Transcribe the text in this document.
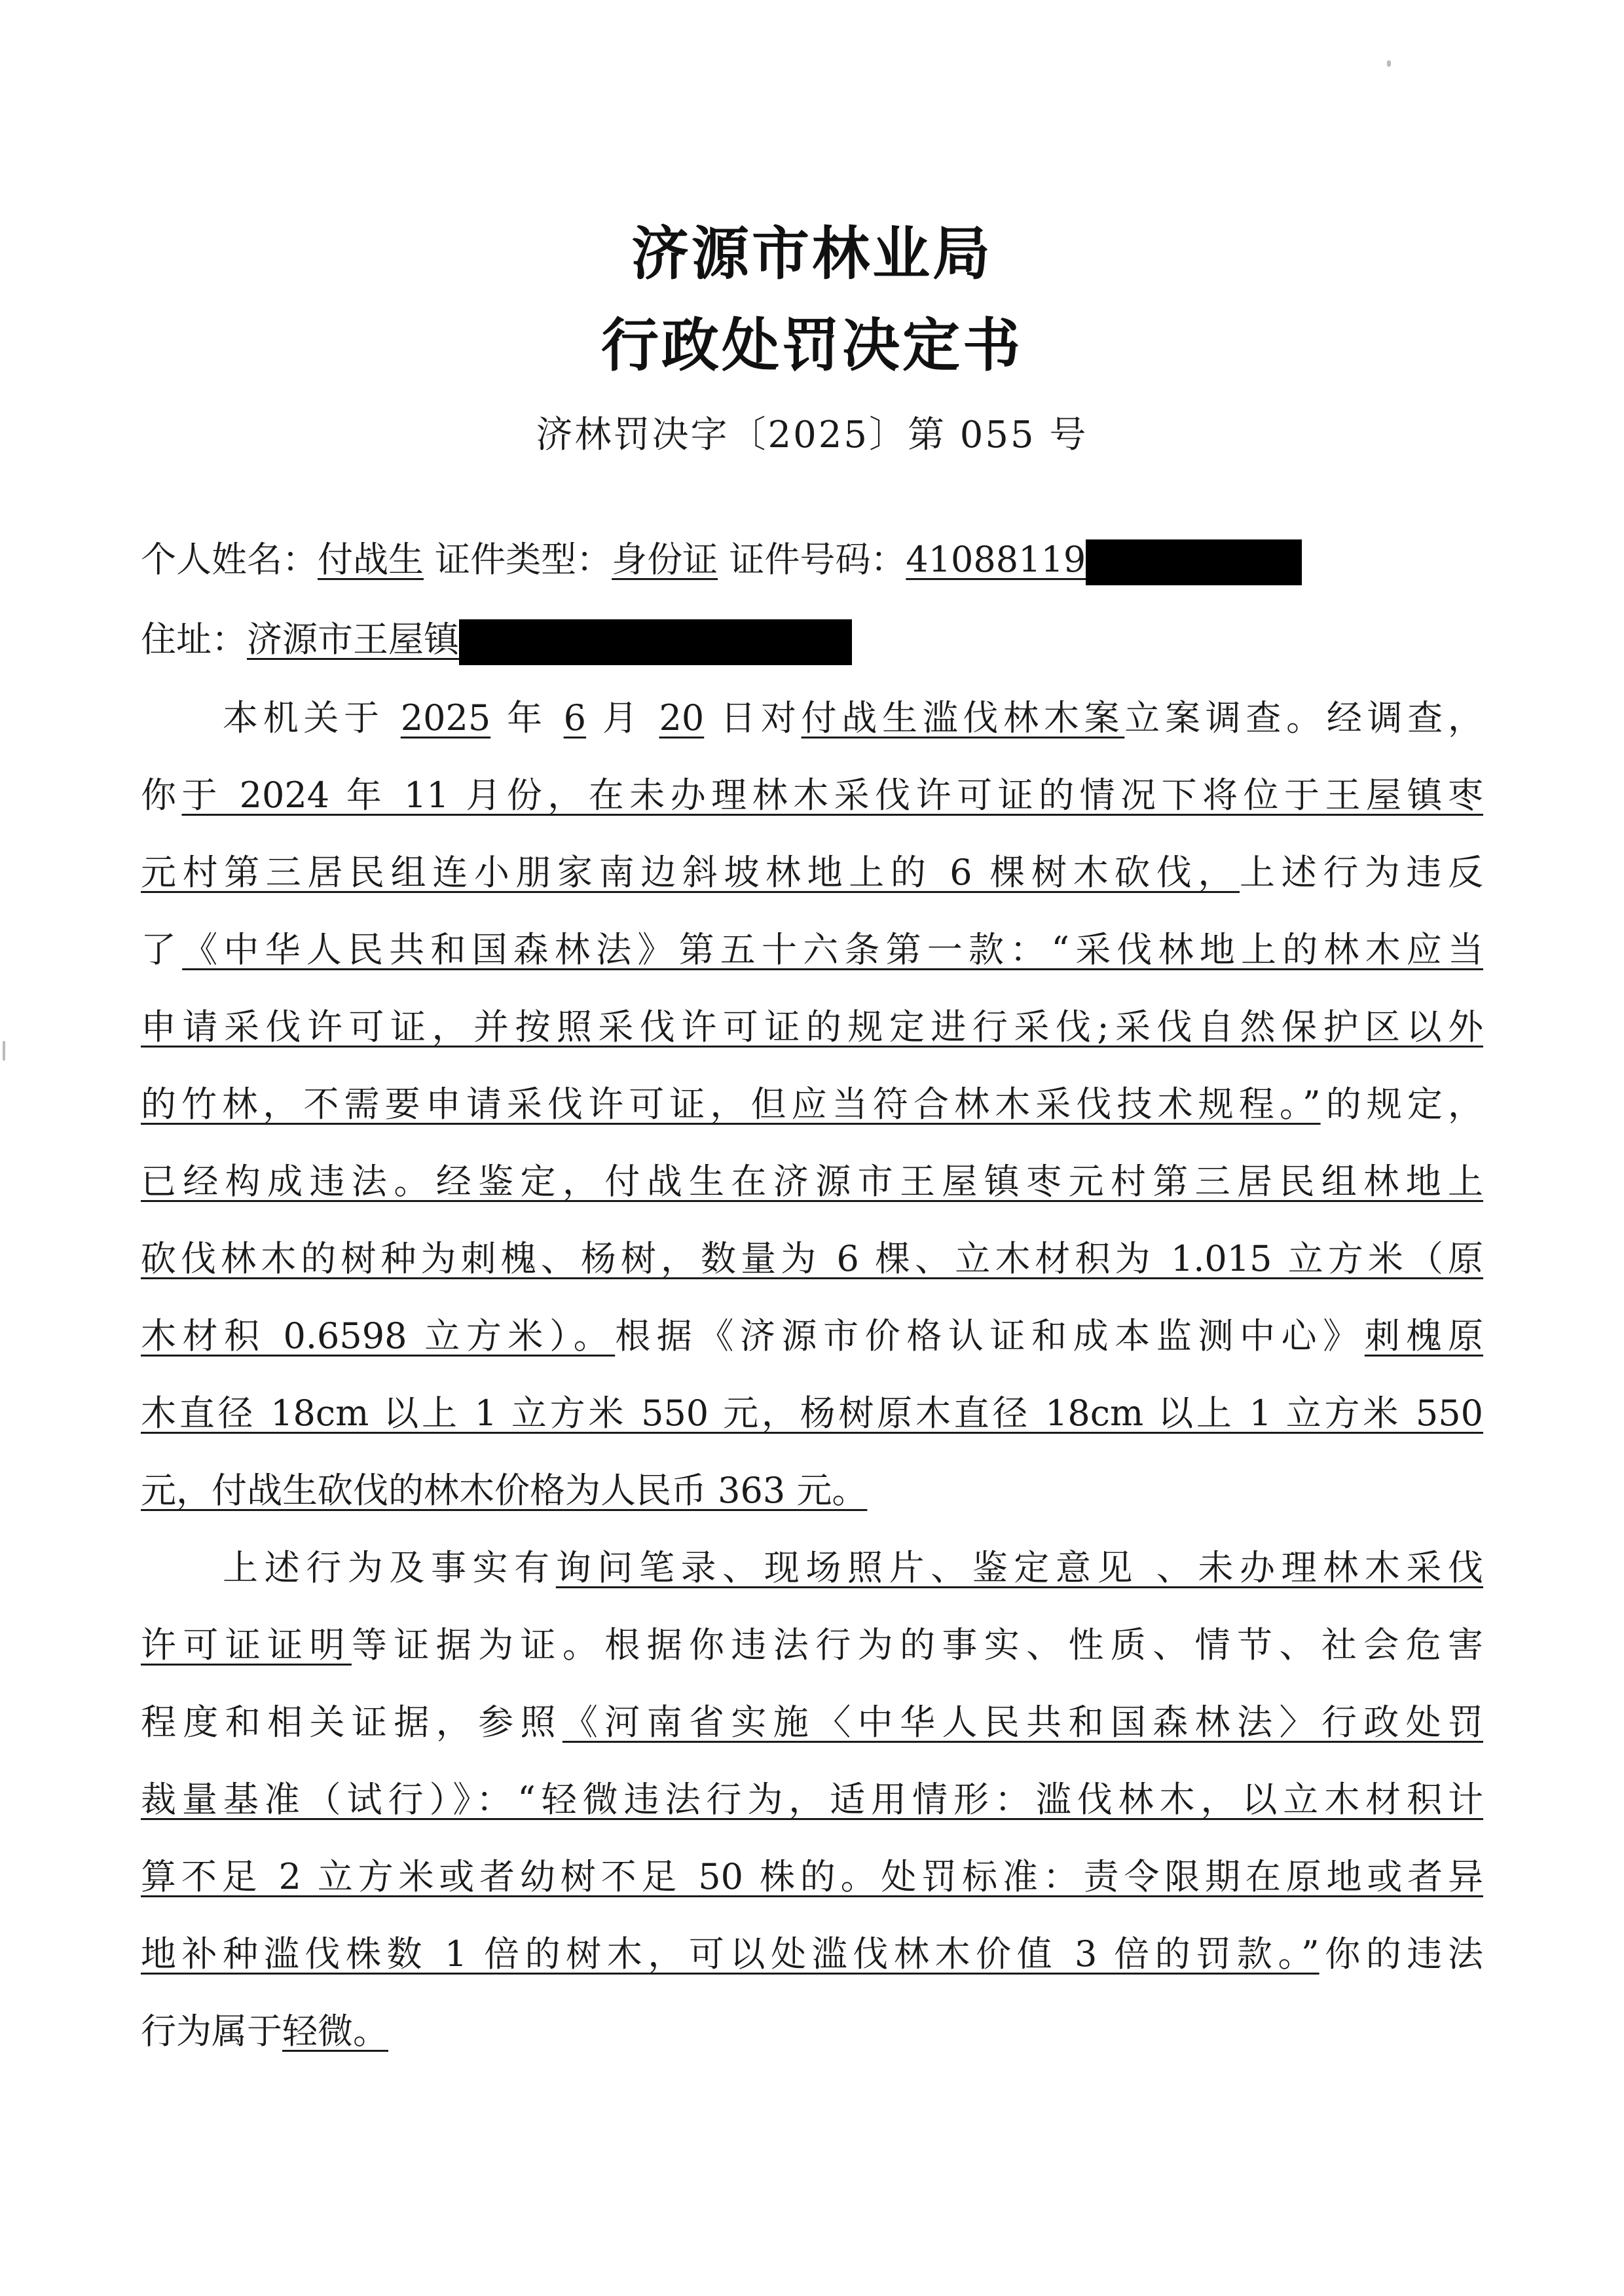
济源市林业局
行政处罚决定书
济林罚决字〔2025〕第 055 号
个人姓名：付战生 证件类型：身份证 证件号码：41088119
住址：济源市王屋镇
本机关于 2025 年 6 月 20 日对付战生滥伐林木案立案调查。经调查，
你于 2024 年 11 月份，在未办理林木采伐许可证的情况下将位于王屋镇枣
元村第三居民组连小朋家南边斜坡林地上的 6 棵树木砍伐，上述行为违反
了《中华人民共和国森林法》第五十六条第一款：“采伐林地上的林木应当
申请采伐许可证，并按照采伐许可证的规定进行采伐;采伐自然保护区以外
的竹林，不需要申请采伐许可证，但应当符合林木采伐技术规程。”的规定，
已经构成违法。经鉴定，付战生在济源市王屋镇枣元村第三居民组林地上
砍伐林木的树种为刺槐、杨树，数量为 6 棵、立木材积为 1.015 立方米（原
木材积 0.6598 立方米）。根据《济源市价格认证和成本监测中心》刺槐原
木直径 18cm 以上 1 立方米 550 元，杨树原木直径 18cm 以上 1 立方米 550
元，付战生砍伐的林木价格为人民币 363 元。
上述行为及事实有询问笔录、现场照片、鉴定意见 、未办理林木采伐
许可证证明等证据为证。根据你违法行为的事实、性质、情节、社会危害
程度和相关证据，参照《河南省实施〈中华人民共和国森林法〉行政处罚
裁量基准（试行）》：“轻微违法行为，适用情形：滥伐林木，以立木材积计
算不足 2 立方米或者幼树不足 50 株的。处罚标准：责令限期在原地或者异
地补种滥伐株数 1 倍的树木，可以处滥伐林木价值 3 倍的罚款。”你的违法
行为属于轻微。
